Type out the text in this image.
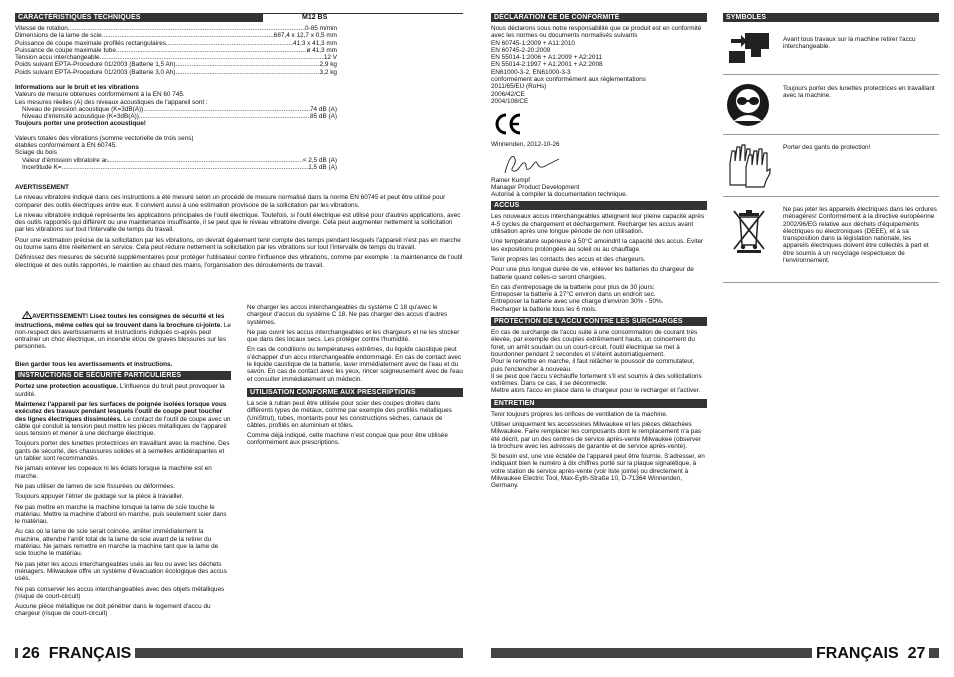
CARACTÉRISTIQUES TECHNIQUES	M12 BS
Vitesse de rotation .....	0-85 m/min
Dimensions de la lame de scie .....	687,4 x 12,7 x 0,5 mm
Puissance de coupe maximale profilés rectangulaires .....	41,3 x 41,3 mm
Puissance de coupe maximale tube .....	ø 41,3 mm
Tension accu interchangeable .....	12 V
Poids suivant EPTA-Procedure 01/2003 (Batterie 1,5 Ah) .....	2,9 kg
Poids suivant EPTA-Procedure 01/2003 (Batterie 3,0 Ah) .....	3,2 kg
Informations sur le bruit et les vibrations
Valeurs de mesure obtenues conformément à la EN 60 745.
Les mesures réelles (A) des niveaux acoustiques de l'appareil sont :
Niveau de pression acoustique (K=3dB(A)) .....	74 dB (A)
Niveau d'intensité acoustique (K=3dB(A)) .....	85 dB (A)
Toujours porter une protection acoustique!
Valeurs totales des vibrations (somme vectorielle de trois sens)
établies conformément à EN 60745.
Sciage du bois
Valeur d'émission vibratoire a h .....	< 2,5 dB (A)
Incertitude K= .....	1,5 dB (A)
AVERTISSEMENT
Le niveau vibratoire indiqué dans ces instructions a été mesuré selon un procédé de mesure normalisé dans la norme EN 60745 et peut être utilisé pour comparer des outils électriques entre eux. Il convient aussi à une estimation provisoire de la sollicitation par les vibrations.
Le niveau vibratoire indiqué représente les applications principales de l'outil électrique. Toutefois, si l'outil électrique est utilisé pour d'autres applications, avec des outils rapportés qui diffèrent ou une maintenance insuffisante, il se peut que le niveau vibratoire diverge. Cela peut augmenter nettement la sollicitation par les vibrations sur tout l'intervalle de temps du travail.
Pour une estimation précise de la sollicitation par les vibrations, on devrait également tenir compte des temps pendant lesquels l'appareil n'est pas en marche ou tourne sans être réellement en service. Cela peut réduire nettement la sollicitation par les vibrations sur tout l'intervalle de temps du travail.
Définissez des mesures de sécurité supplémentaires pour protéger l'utilisateur contre l'influence des vibrations, comme par exemple : la maintenance de l'outil électrique et des outils rapportés, le maintien au chaud des mains, l'organisation des déroulements de travail.

AVERTISSEMENT! Lisez toutes les consignes de sécurité et les instructions, même celles qui se trouvent dans la brochure ci-jointe. Le non-respect des avertissements et instructions indiqués ci-après peut entraîner un choc électrique, un incendie et/ou de graves blessures sur les personnes.

Bien garder tous les avertissements et instructions.
INSTRUCTIONS DE SÉCURITÉ PARTICULIÈRES
Portez une protection acoustique. L'influence du bruit peut provoquer la surdité.
Maintenez l'appareil par les surfaces de poignée isolées lorsque vous exécutez des travaux pendant lesquels l'outil de coupe peut toucher des lignes électriques dissimulées. Le contact de l'outil de coupe avec un câble qui conduit la tension peut mettre les pièces métalliques de l'appareil sous tension et mener à une décharge électrique.
Toujours porter des lunettes protectrices en travaillant avec la machine. Des gants de sécurité, des chaussures solides et à semelles antidérapantes et un tablier sont recommandés.
Ne jamais enlever les copeaux ni les éclats lorsque la machine est en marche.
Ne pas utiliser de lames de scie fissurées ou déformées.
Toujours appuyer l'étrier de guidage sur la pièce à travailler.
Ne pas mettre en marche la machine lorsque la lame de scie touche le matériau. Mettre la machine d'abord en marche, puis seulement scier dans le matériau.
Au cas où la lame de scie serait coincée, arrêter immédiatement la machine, attendre l'arrêt total de la lame de scie avant de la retirer du matériau. Ne jamais remettre en marche la machine tant que la lame de scie touche le matériau.
Ne pas jeter les accus interchangeables usés au feu ou avec les déchets ménagers. Milwaukee offre un système d'évacuation écologique des accus usés.
Ne pas conserver les accus interchangeables avec des objets métalliques (risque de court-circuit)
Aucune pièce métallique ne doit pénétrer dans le logement d'accu du chargeur (risque de court-circuit)
Ne charger les accus interchangeables du système C 18 qu'avec le chargeur d'accus du système C 18. Ne pas charger des accus d'autres systèmes.
Ne pas ouvrir les accus interchangeables et les chargeurs et ne les stocker que dans des locaux secs. Les protéger contre l'humidité.
En cas de conditions ou températures extrêmes, du liquide caustique peut s'échapper d'un accu interchangeable endommagé. En cas de contact avec le liquide caustique de la batterie, laver immédiatement avec de l'eau et du savon. En cas de contact avec les yeux, rincer soigneusement avec de l'eau et consulter immédiatement un médecin.
UTILISATION CONFORME AUX PRESCRIPTIONS
La scie à ruban peut être utilisée pour scier des coupes droites dans différents types de métaux, comme par exemple des profilés métalliques (UniStrut), tubes, montants pour les constructions sèches, canaux de câbles, profilés en aluminium et tôles.
Comme déjà indiqué, cette machine n'est conçue que pour être utilisée conformément aux prescriptions.
26 FRANÇAIS
DÉCLARATION CE DE CONFORMITÉ
Nous déclarons sous notre responsabilité que ce produit est en conformité avec les normes ou documents normalisés suivants
EN 60745-1:2009 + A11:2010
EN 60745-2-20:2009
EN 55014-1:2006 + A1:2009 + A2:2011
EN 55014-2:1997 + A1:2001 + A2:2008
EN61000-3-2, EN61000-3-3
conformément aux conformément aux réglementations
2011/65/EU (RoHs)
2006/42/CE
2004/108/CE
Winnenden, 2012-10-26
Rainer Kumpf
Manager Product Development
Autorisé à compiler la documentation technique.
ACCUS
Les nouveaux accus interchangeables atteignent leur pleine capacité après 4-5 cycles de chargement et déchargement. Recharger les accus avant utilisation après une longue période de non utilisation.
Une température supérieure à 50°C amoindrit la capacité des accus. Eviter les expositions prolongées au soleil ou au chauffage.
Tenir propres les contacts des accus et des chargeurs.
Pour une plus longue durée de vie, enlever les batteries du chargeur de batterie quand celles-ci seront chargées.
En cas d'entreposage de la batterie pour plus de 30 jours:
Entreposer la batterie à 27°C environ dans un endroit sec.
Entreposer la batterie avec une charge d'environ 30% - 50%.
Recharger la batterie tous les 6 mois.
PROTECTION DE L'ACCU CONTRE LES SURCHARGES
En cas de surcharge de l'accu suite à une consommation de courant très élevée, par exemple des couples extrêmement hauts, un coincement du foret, un arrêt soudain ou un court-circuit, l'outil électrique se met à bourdonner pendant 2 secondes et s'éteint automatiquement.
Pour le remettre en marche, il faut relâcher le poussoir de commutateur, puis l'enclencher à nouveau.
Il se peut que l'accu s'échauffe fortement s'il est soumis à des sollicitations extrêmes. Dans ce cas, il se déconnecte.
Mettre alors l'accu en place dans le chargeur pour le recharger et l'activer.
ENTRETIEN
Tenir toujours propres les orifices de ventilation de la machine.
Utiliser uniquement les accessoires Milwaukee et les pièces détachées Milwaukee. Faire remplacer les composants dont le remplacement n'a pas été décrit, par un des centres de service après-vente Milwaukee (observer la brochure avec les adresses de garantie et de service après-vente).
Si besoin est, une vue éclatée de l'appareil peut être fournie. S'adresser, en indiquant bien le numéro à dix chiffres porté sur la plaque signalétique, à votre station de service après-vente (voir liste jointe) ou directement à Milwaukee Electric Tool, Max-Eyth-Straße 10, D-71364 Winnenden, Germany.
SYMBOLES
Avant tous travaux sur la machine retirer l'accu interchangeable.
Toujours porter des lunettes protectrices en travaillant avec la machine.
Porter des gants de protection!
Ne pas jeter les appareils électriques dans les ordures ménagères! Conformément à la directive européenne 2002/96/EG relative aux déchets d'équipements électriques ou électroniques (DEEE), et à sa transposition dans la législation nationale, les appareils électriques doivent être collectés à part et être soumis à un recyclage respectueux de l'environnement.
FRANÇAIS 27
